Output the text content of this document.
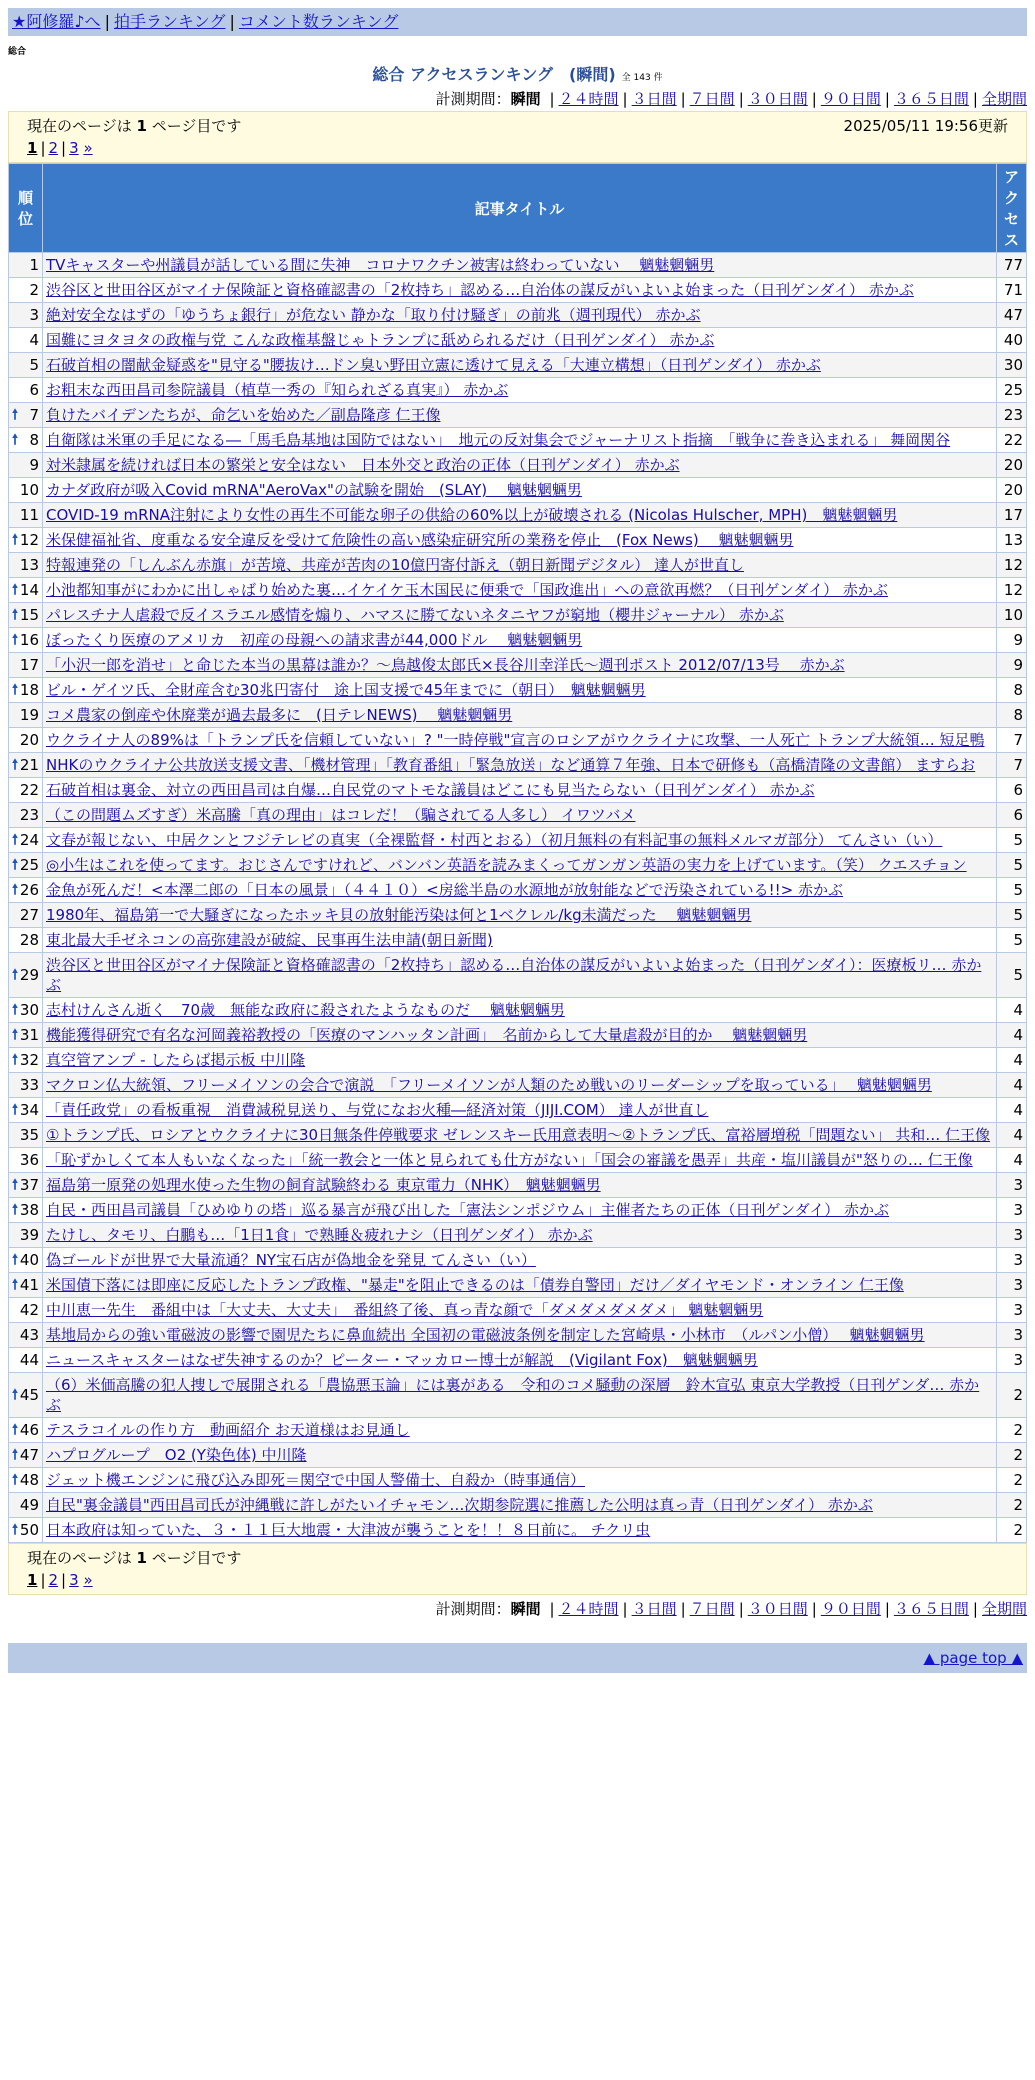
★阿修羅♪へ | 拍手ランキング | コメント数ランキング
総合
総合 アクセスランキング　(瞬間) 全 143 件
計測期間：瞬間 | ２４時間 | ３日間 | ７日間 | ３０日間 | ９０日間 | ３６５日間 | 全期間
現在のページは 1 ページ目です	2025/05/11 19:56更新
1 | 2 | 3 »
順位	記事タイトル	アクセス
1	TVキャスターや州議員が話している間に失神　コロナワクチン被害は終わっていない　 魑魅魍魎男	77
2	渋谷区と世田谷区がマイナ保険証と資格確認書の「2枚持ち」認める…自治体の謀反がいよいよ始まった（日刊ゲンダイ） 赤かぶ	71
3	絶対安全なはずの「ゆうちょ銀行」が危ない 静かな「取り付け騒ぎ」の前兆（週刊現代） 赤かぶ	47
4	国難にヨタヨタの政権与党 こんな政権基盤じゃトランプに舐められるだけ（日刊ゲンダイ） 赤かぶ	40
5	石破首相の闇献金疑惑を"見守る"腰抜け…ドン臭い野田立憲に透けて見える「大連立構想」（日刊ゲンダイ） 赤かぶ	30
6	お粗末な西田昌司参院議員（植草一秀の『知られざる真実』） 赤かぶ	25

🠕 7	負けたバイデンたちが、命乞いを始めた／副島隆彦 仁王像	23

🠕 8	自衛隊は米軍の手足になる―「馬毛島基地は国防ではない」　地元の反対集会でジャーナリスト指摘　「戦争に巻き込まれる」 舞岡関谷	22
9	対米隷属を続ければ日本の繁栄と安全はない　日本外交と政治の正体（日刊ゲンダイ） 赤かぶ	20
10	カナダ政府が吸入Covid mRNA"AeroVax"の試験を開始　(SLAY)　 魑魅魍魎男	20
11	COVID-19 mRNA注射により女性の再生不可能な卵子の供給の60%以上が破壊される (Nicolas Hulscher, MPH)　魑魅魍魎男	17

🠕 12	米保健福祉省、度重なる安全違反を受けて危険性の高い感染症研究所の業務を停止　(Fox News)　 魑魅魍魎男	13
13	特報連発の「しんぶん赤旗」が苦境、共産が苦肉の10億円寄付訴え（朝日新聞デジタル） 達人が世直し	12

🠕 14	小池都知事がにわかに出しゃばり始めた裏…イケイケ玉木国民に便乗で「国政進出」への意欲再燃？（日刊ゲンダイ） 赤かぶ	12

🠕 15	パレスチナ人虐殺で反イスラエル感情を煽り、ハマスに勝てないネタニヤフが窮地（櫻井ジャーナル） 赤かぶ	10

🠕 16	ぼったくり医療のアメリカ　初産の母親への請求書が44,000ドル　 魑魅魍魎男	9
17	「小沢一郎を消せ」と命じた本当の黒幕は誰か？～鳥越俊太郎氏×長谷川幸洋氏～週刊ポスト 2012/07/13号　 赤かぶ	9

🠕 18	ビル・ゲイツ氏、全財産含む30兆円寄付　途上国支援で45年までに（朝日）　魑魅魍魎男	8
19	コメ農家の倒産や休廃業が過去最多に　(日テレNEWS)　 魑魅魍魎男	8
20	ウクライナ人の89%は「トランプ氏を信頼していない」? "一時停戦"宣言のロシアがウクライナに攻撃、一人死亡 トランプ大統領… 短足鴨	7

🠕 21	NHKのウクライナ公共放送支援文書、「機材管理」「教育番組」「緊急放送」など通算７年強、日本で研修も（高橋清隆の文書館） ますらお	7
22	石破首相は裏金、対立の西田昌司は自爆…自民党のマトモな議員はどこにも見当たらない（日刊ゲンダイ） 赤かぶ	6
23	（この問題ムズすぎ）米高騰「真の理由」はコレだ！（騙されてる人多し） イワツバメ	6

🠕 24	文春が報じない、中居クンとフジテレビの真実（全裸監督・村西とおる）（初月無料の有料記事の無料メルマガ部分） てんさい（い）	5

🠕 25	◎小生はこれを使ってます。おじさんですけれど、バンバン英語を読みまくってガンガン英語の実力を上げています。（笑） クエスチョン	5

🠕 26	金魚が死んだ！<本澤二郎の「日本の風景」（４４１０）<房総半島の水源地が放射能などで汚染されている!!> 赤かぶ	5
27	1980年、福島第一で大騒ぎになったホッキ貝の放射能汚染は何と1ベクレル/kg未満だった　 魑魅魍魎男	5
28	東北最大手ゼネコンの高弥建設が破綻、民事再生法申請(朝日新聞)	5

🠕 29	渋谷区と世田谷区がマイナ保険証と資格確認書の「2枚持ち」認める…自治体の謀反がいよいよ始まった（日刊ゲンダイ）：医療板リ… 赤かぶ	5

🠕 30	志村けんさん逝く　70歳　無能な政府に殺されたようなものだ　 魑魅魍魎男	4

🠕 31	機能獲得研究で有名な河岡義裕教授の「医療のマンハッタン計画」　名前からして大量虐殺が目的か　 魑魅魍魎男	4

🠕 32	真空管アンプ - したらば掲示板 中川隆	4
33	マクロン仏大統領、フリーメイソンの会合で演説　「フリーメイソンが人類のため戦いのリーダーシップを取っている」　 魑魅魍魎男	4

🠕 34	「責任政党」の看板重視　消費減税見送り、与党になお火種―経済対策（JIJI.COM） 達人が世直し	4
35	①トランプ氏、ロシアとウクライナに30日無条件停戦要求 ゼレンスキー氏用意表明～②トランプ氏、富裕層増税「問題ない」 共和… 仁王像	4
36	「恥ずかしくて本人もいなくなった」「統一教会と一体と見られても仕方がない」「国会の審議を愚弄」共産・塩川議員が"怒りの… 仁王像	4

🠕 37	福島第一原発の処理水使った生物の飼育試験終わる 東京電力（NHK）　魑魅魍魎男	3

🠕 38	自民・西田昌司議員「ひめゆりの塔」巡る暴言が飛び出した「憲法シンポジウム」主催者たちの正体（日刊ゲンダイ） 赤かぶ	3
39	たけし、タモリ、白鵬も…「1日1食」で熟睡＆疲れナシ（日刊ゲンダイ） 赤かぶ	3

🠕 40	偽ゴールドが世界で大量流通？NY宝石店が偽地金を発見 てんさい（い）	3

🠕 41	米国債下落には即座に反応したトランプ政権、"暴走"を阻止できるのは「債券自警団」だけ／ダイヤモンド・オンライン 仁王像	3
42	中川恵一先生　番組中は「大丈夫、大丈夫」　番組終了後、真っ青な顔で「ダメダメダメダメ」 魑魅魍魎男	3
43	基地局からの強い電磁波の影響で園児たちに鼻血続出 全国初の電磁波条例を制定した宮崎県・小林市　（ルパン小僧）　 魑魅魍魎男	3
44	ニュースキャスターはなぜ失神するのか？ピーター・マッカロー博士が解説　(Vigilant Fox)　魑魅魍魎男	3

🠕 45	（6）米価高騰の犯人捜しで展開される「農協悪玉論」には裏がある　令和のコメ騒動の深層　鈴木宣弘 東京大学教授（日刊ゲンダ… 赤かぶ	2

🠕 46	テスラコイルの作り方　動画紹介 お天道様はお見通し	2

🠕 47	ハプログループ　O2 (Y染色体) 中川隆	2

🠕 48	ジェット機エンジンに飛び込み即死＝関空で中国人警備士、自殺か（時事通信）	2
49	自民"裏金議員"西田昌司氏が沖縄戦に許しがたいイチャモン…次期参院選に推薦した公明は真っ青（日刊ゲンダイ） 赤かぶ	2

🠕 50	日本政府は知っていた、３・１１巨大地震・大津波が襲うことを！！８日前に。 チクリ虫	2
現在のページは 1 ページ目です
1 | 2 | 3 »
計測期間：瞬間 | ２４時間 | ３日間 | ７日間 | ３０日間 | ９０日間 | ３６５日間 | 全期間
▲ page top ▲
